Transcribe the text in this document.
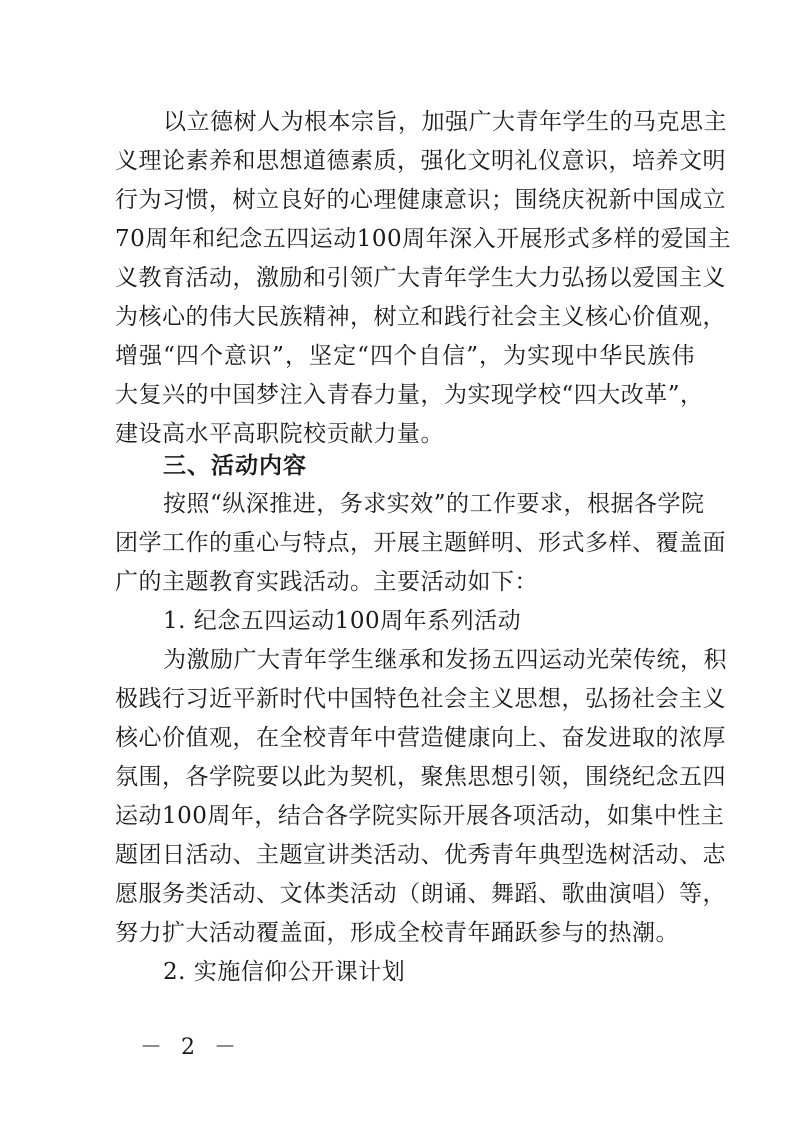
以立德树人为根本宗旨，加强广大青年学生的马克思主
义理论素养和思想道德素质，强化文明礼仪意识，培养文明
行为习惯，树立良好的心理健康意识；围绕庆祝新中国成立
70周年和纪念五四运动100周年深入开展形式多样的爱国主
义教育活动，激励和引领广大青年学生大力弘扬以爱国主义
为核心的伟大民族精神，树立和践行社会主义核心价值观，
增强“四个意识”，坚定“四个自信”，为实现中华民族伟
大复兴的中国梦注入青春力量，为实现学校“四大改革”，
建设高水平高职院校贡献力量。
三、活动内容
按照“纵深推进，务求实效”的工作要求，根据各学院
团学工作的重心与特点，开展主题鲜明、形式多样、覆盖面
广的主题教育实践活动。主要活动如下：
1. 纪念五四运动100周年系列活动
为激励广大青年学生继承和发扬五四运动光荣传统，积
极践行习近平新时代中国特色社会主义思想，弘扬社会主义
核心价值观，在全校青年中营造健康向上、奋发进取的浓厚
氛围，各学院要以此为契机，聚焦思想引领，围绕纪念五四
运动100周年，结合各学院实际开展各项活动，如集中性主
题团日活动、主题宣讲类活动、优秀青年典型选树活动、志
愿服务类活动、文体类活动（朗诵、舞蹈、歌曲演唱）等，
努力扩大活动覆盖面，形成全校青年踊跃参与的热潮。
2. 实施信仰公开课计划
－ 2 －
